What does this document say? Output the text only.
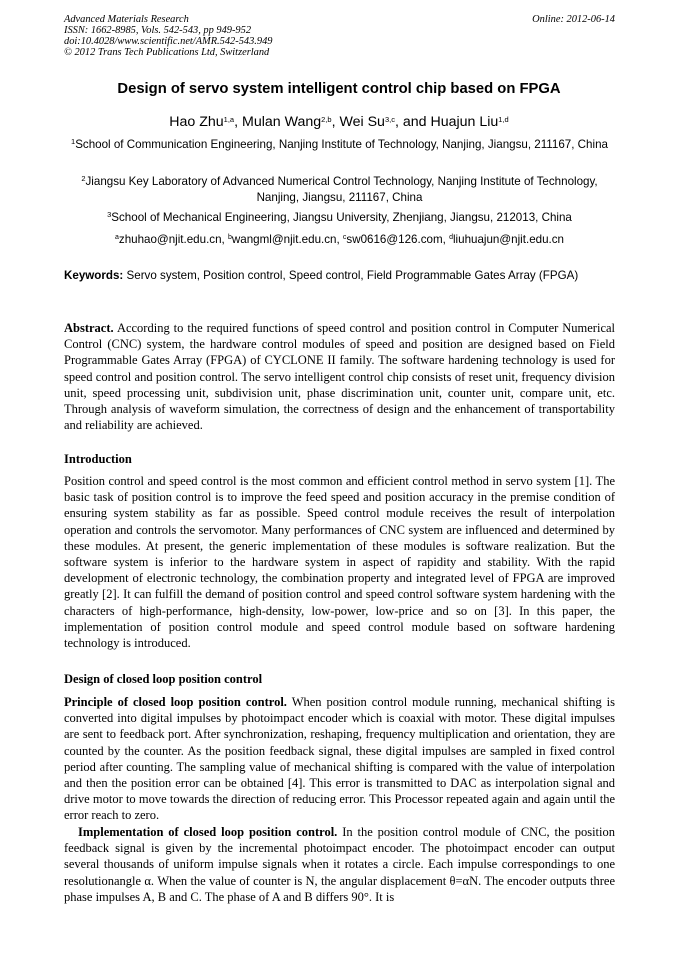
Advanced Materials Research
ISSN: 1662-8985, Vols. 542-543, pp 949-952
doi:10.4028/www.scientific.net/AMR.542-543.949
© 2012 Trans Tech Publications Ltd, Switzerland
Online: 2012-06-14
Design of servo system intelligent control chip based on FPGA
Hao Zhu$^{1,a}$, Mulan Wang$^{2,b}$, Wei Su$^{3,c}$, and Huajun Liu$^{1,d}$
$^1$School of Communication Engineering, Nanjing Institute of Technology, Nanjing, Jiangsu, 211167, China
$^2$Jiangsu Key Laboratory of Advanced Numerical Control Technology, Nanjing Institute of Technology, Nanjing, Jiangsu, 211167, China
$^3$School of Mechanical Engineering, Jiangsu University, Zhenjiang, Jiangsu, 212013, China
$^a$zhuhao@njit.edu.cn, $^b$wangml@njit.edu.cn, $^c$sw0616@126.com, $^d$liuhuajun@njit.edu.cn
Keywords: Servo system, Position control, Speed control, Field Programmable Gates Array (FPGA)
Abstract. According to the required functions of speed control and position control in Computer Numerical Control (CNC) system, the hardware control modules of speed and position are designed based on Field Programmable Gates Array (FPGA) of CYCLONE II family. The software hardening technology is used for speed control and position control. The servo intelligent control chip consists of reset unit, frequency division unit, speed processing unit, subdivision unit, phase discrimination unit, counter unit, compare unit, etc. Through analysis of waveform simulation, the correctness of design and the enhancement of transportability and reliability are achieved.
Introduction
Position control and speed control is the most common and efficient control method in servo system [1]. The basic task of position control is to improve the feed speed and position accuracy in the premise condition of ensuring system stability as far as possible. Speed control module receives the result of interpolation operation and controls the servomotor. Many performances of CNC system are influenced and determined by these modules. At present, the generic implementation of these modules is software realization. But the software system is inferior to the hardware system in aspect of rapidity and stability. With the rapid development of electronic technology, the combination property and integrated level of FPGA are improved greatly [2]. It can fulfill the demand of position control and speed control software system hardening with the characters of high-performance, high-density, low-power, low-price and so on [3]. In this paper, the implementation of position control module and speed control module based on software hardening technology is introduced.
Design of closed loop position control
Principle of closed loop position control. When position control module running, mechanical shifting is converted into digital impulses by photoimpact encoder which is coaxial with motor. These digital impulses are sent to feedback port. After synchronization, reshaping, frequency multiplication and orientation, they are counted by the counter. As the position feedback signal, these digital impulses are sampled in fixed control period after counting. The sampling value of mechanical shifting is compared with the value of interpolation and then the position error can be obtained [4]. This error is transmitted to DAC as interpolation signal and drive motor to move towards the direction of reducing error. This Processor repeated again and again until the error reach to zero.
Implementation of closed loop position control. In the position control module of CNC, the position feedback signal is given by the incremental photoimpact encoder. The photoimpact encoder can output several thousands of uniform impulse signals when it rotates a circle. Each impulse correspondings to one resolutionangle α. When the value of counter is N, the angular displacement θ=αN. The encoder outputs three phase impulses A, B and C. The phase of A and B differs 90°. It is
